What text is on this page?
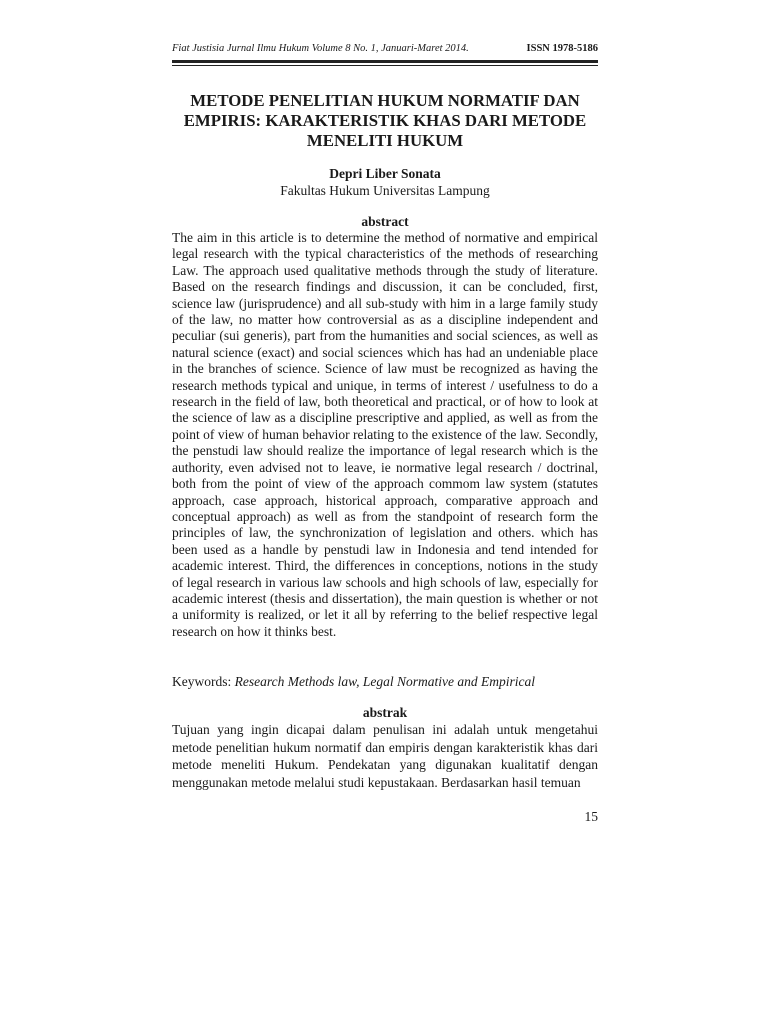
Fiat Justisia Jurnal Ilmu Hukum Volume 8 No. 1, Januari-Maret 2014.	ISSN 1978-5186
METODE PENELITIAN HUKUM NORMATIF DAN EMPIRIS: KARAKTERISTIK KHAS DARI METODE MENELITI HUKUM
Depri Liber Sonata
Fakultas Hukum Universitas Lampung
abstract
The aim in this article is to determine the method of normative and empirical legal research with the typical characteristics of the methods of researching Law. The approach used qualitative methods through the study of literature. Based on the research findings and discussion, it can be concluded, first, science law (jurisprudence) and all sub-study with him in a large family study of the law, no matter how controversial as as a discipline independent and peculiar (sui generis), part from the humanities and social sciences, as well as natural science (exact) and social sciences which has had an undeniable place in the branches of science. Science of law must be recognized as having the research methods typical and unique, in terms of interest / usefulness to do a research in the field of law, both theoretical and practical, or of how to look at the science of law as a discipline prescriptive and applied, as well as from the point of view of human behavior relating to the existence of the law. Secondly, the penstudi law should realize the importance of legal research which is the authority, even advised not to leave, ie normative legal research / doctrinal, both from the point of view of the approach commom law system (statutes approach, case approach, historical approach, comparative approach and conceptual approach) as well as from the standpoint of research form the principles of law, the synchronization of legislation and others. which has been used as a handle by penstudi law in Indonesia and tend intended for academic interest. Third, the differences in conceptions, notions in the study of legal research in various law schools and high schools of law, especially for academic interest (thesis and dissertation), the main question is whether or not a uniformity is realized, or let it all by referring to the belief respective legal research on how it thinks best.
Keywords: Research Methods law, Legal Normative and Empirical
abstrak
Tujuan yang ingin dicapai dalam penulisan ini adalah untuk mengetahui metode penelitian hukum normatif dan empiris dengan karakteristik khas dari metode meneliti Hukum. Pendekatan yang digunakan kualitatif dengan menggunakan metode melalui studi kepustakaan. Berdasarkan hasil temuan
15
